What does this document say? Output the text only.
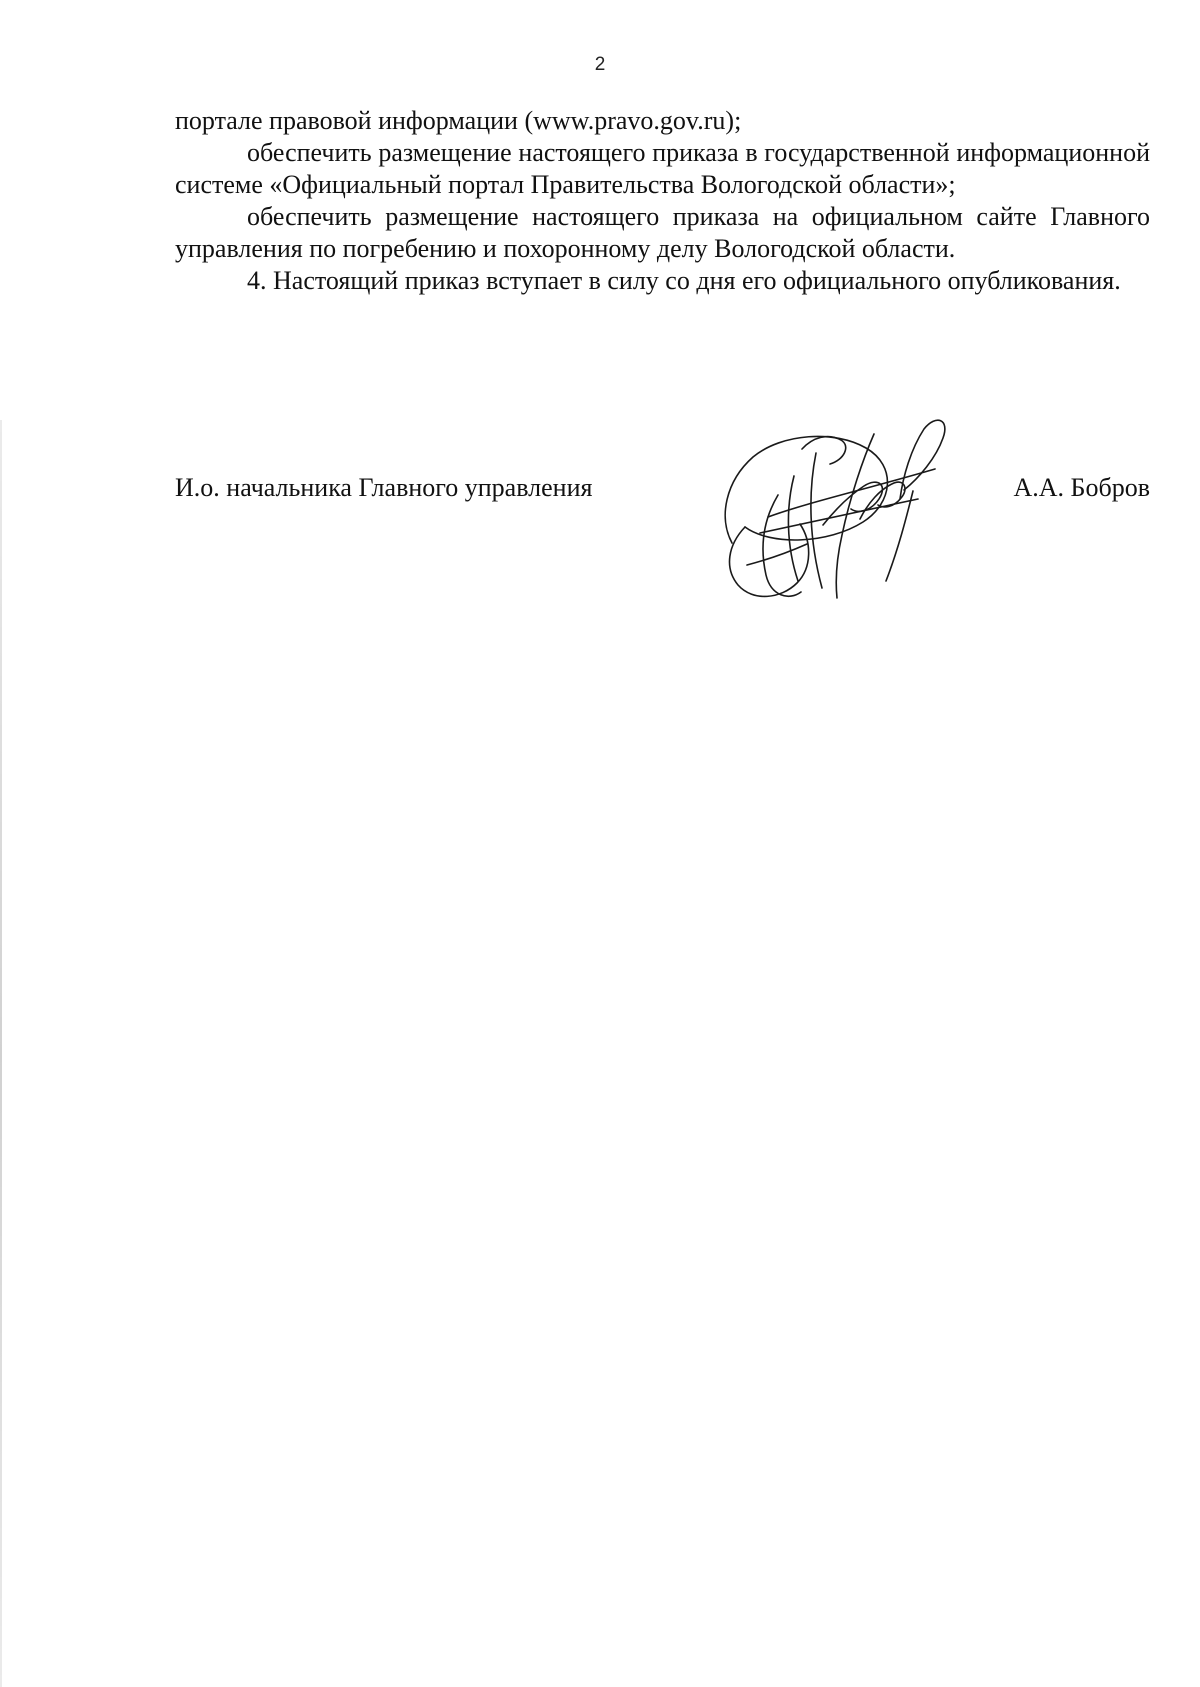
2

порталe правовой информации (www.pravo.gov.ru);

обеспечить размещение настоящего приказа в государственной информационной системе «Официальный портал Правительства Вологодской области»;

обеспечить размещение настоящего приказа на официальном сайте Главного управления по погребению и похоронному делу Вологодской области.

4. Настоящий приказ вступает в силу со дня его официального опубликования.

И.о. начальника Главного управления	А.А. Бобров
